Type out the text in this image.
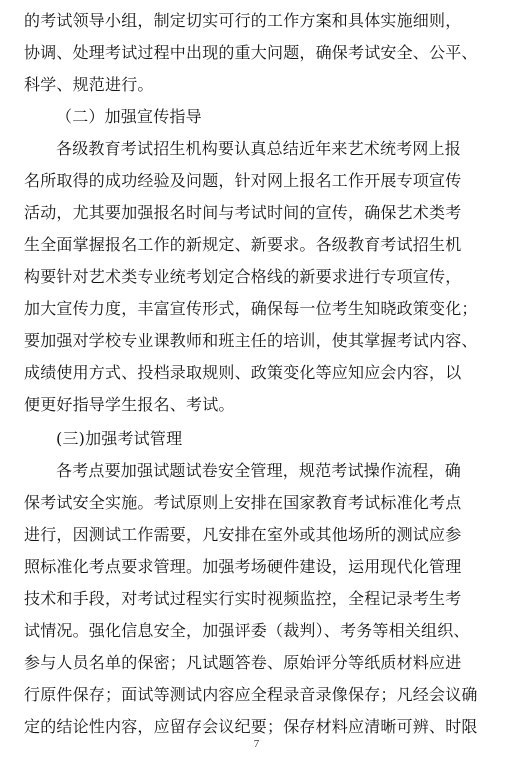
的考试领导小组，制定切实可行的工作方案和具体实施细则，
协调、处理考试过程中出现的重大问题，确保考试安全、公平、
科学、规范进行。
（二）加强宣传指导
各级教育考试招生机构要认真总结近年来艺术统考网上报
名所取得的成功经验及问题，针对网上报名工作开展专项宣传
活动，尤其要加强报名时间与考试时间的宣传，确保艺术类考
生全面掌握报名工作的新规定、新要求。各级教育考试招生机
构要针对艺术类专业统考划定合格线的新要求进行专项宣传，
加大宣传力度，丰富宣传形式，确保每一位考生知晓政策变化；
要加强对学校专业课教师和班主任的培训，使其掌握考试内容、
成绩使用方式、投档录取规则、政策变化等应知应会内容，以
便更好指导学生报名、考试。
(三)加强考试管理
各考点要加强试题试卷安全管理，规范考试操作流程，确
保考试安全实施。考试原则上安排在国家教育考试标准化考点
进行，因测试工作需要，凡安排在室外或其他场所的测试应参
照标准化考点要求管理。加强考场硬件建设，运用现代化管理
技术和手段，对考试过程实行实时视频监控，全程记录考生考
试情况。强化信息安全，加强评委（裁判）、考务等相关组织、
参与人员名单的保密；凡试题答卷、原始评分等纸质材料应进
行原件保存；面试等测试内容应全程录音录像保存；凡经会议确
定的结论性内容，应留存会议纪要；保存材料应清晰可辨、时限
7
